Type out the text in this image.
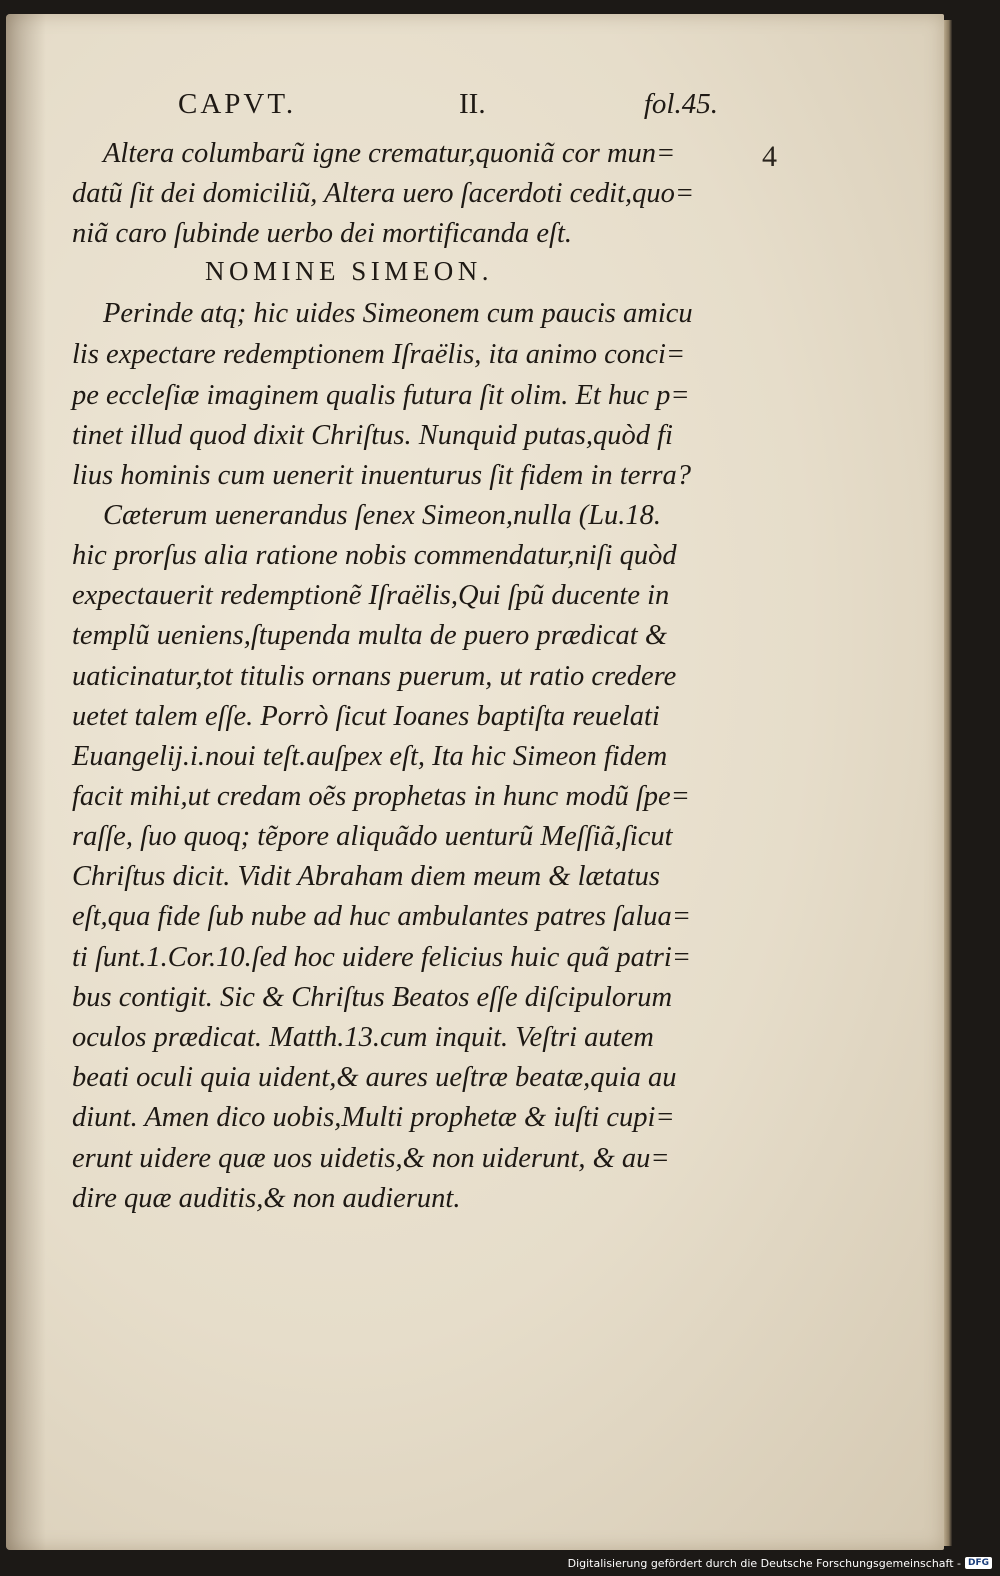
CAPVT.	II.	fol.45.
4
Altera columbarũ igne crematur,quoniã cor mun=
datũ ſit dei domiciliũ, Altera uero ſacerdoti cedit,quo=
niã caro ſubinde uerbo dei mortificanda eſt.
NOMINE SIMEON.
Perinde atq; hic uides Simeonem cum paucis amicu
lis expectare redemptionem Iſraëlis, ita animo conci=
pe eccleſiæ imaginem qualis futura ſit olim. Et huc p=
tinet illud quod dixit Chriſtus. Nunquid putas,quòd fi
lius hominis cum uenerit inuenturus ſit fidem in terra?
Cæterum uenerandus ſenex Simeon,nulla (Lu.18.
hic prorſus alia ratione nobis commendatur,niſi quòd
expectauerit redemptionẽ Iſraëlis,Qui ſpũ ducente in
templũ ueniens,ſtupenda multa de puero prædicat &
uaticinatur,tot titulis ornans puerum, ut ratio credere
uetet talem eſſe. Porrò ſicut Ioanes baptiſta reuelati
Euangelij.i.noui teſt.auſpex eſt, Ita hic Simeon fidem
facit mihi,ut credam oẽs prophetas in hunc modũ ſpe=
raſſe, ſuo quoq; tẽpore aliquãdo uenturũ Meſſiã,ſicut
Chriſtus dicit. Vidit Abraham diem meum & lætatus
eſt,qua fide ſub nube ad huc ambulantes patres ſalua=
ti ſunt.1.Cor.10.ſed hoc uidere felicius huic quã patri=
bus contigit. Sic & Chriſtus Beatos eſſe diſcipulorum
oculos prædicat. Matth.13.cum inquit. Veſtri autem
beati oculi quia uident,& aures ueſtræ beatæ,quia au
diunt. Amen dico uobis,Multi prophetæ & iuſti cupi=
erunt uidere quæ uos uidetis,& non uiderunt, & au=
dire quæ auditis,& non audierunt.
Digitalisierung gefördert durch die Deutsche Forschungsgemeinschaft - DFG
